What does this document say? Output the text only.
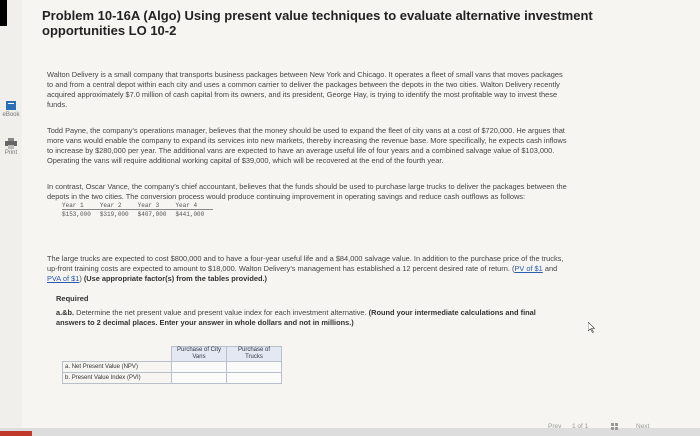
eBook
Print
Problem 10-16A (Algo) Using present value techniques to evaluate alternative investment opportunities LO 10-2

Walton Delivery is a small company that transports business packages between New York and Chicago. It operates a fleet of small vans that moves packages to and from a central depot within each city and uses a common carrier to deliver the packages between the depots in the two cities. Walton Delivery recently acquired approximately $7.0 million of cash capital from its owners, and its president, George Hay, is trying to identify the most profitable way to invest these funds.

Todd Payne, the company's operations manager, believes that the money should be used to expand the fleet of city vans at a cost of $720,000. He argues that more vans would enable the company to expand its services into new markets, thereby increasing the revenue base. More specifically, he expects cash inflows to increase by $280,000 per year. The additional vans are expected to have an average useful life of four years and a combined salvage value of $103,000. Operating the vans will require additional working capital of $39,000, which will be recovered at the end of the fourth year.

In contrast, Oscar Vance, the company's chief accountant, believes that the funds should be used to purchase large trucks to deliver the packages between the depots in the two cities. The conversion process would produce continuing improvement in operating savings and reduce cash outflows as follows:

Year 1	Year 2	Year 3	Year 4
$153,000	$319,000	$407,000	$441,000

The large trucks are expected to cost $800,000 and to have a four-year useful life and a $84,000 salvage value. In addition to the purchase price of the trucks, up-front training costs are expected to amount to $18,000. Walton Delivery's management has established a 12 percent desired rate of return. (PV of $1 and PVA of $1) (Use appropriate factor(s) from the tables provided.)

Required
a.&b. Determine the net present value and present value index for each investment alternative. (Round your intermediate calculations and final answers to 2 decimal places. Enter your answer in whole dollars and not in millions.)
	Purchase of City Vans	Purchase of Trucks
a. Net Present Value (NPV)		
b. Present Value Index (PVI)		
Prev 1 of 1	Next
